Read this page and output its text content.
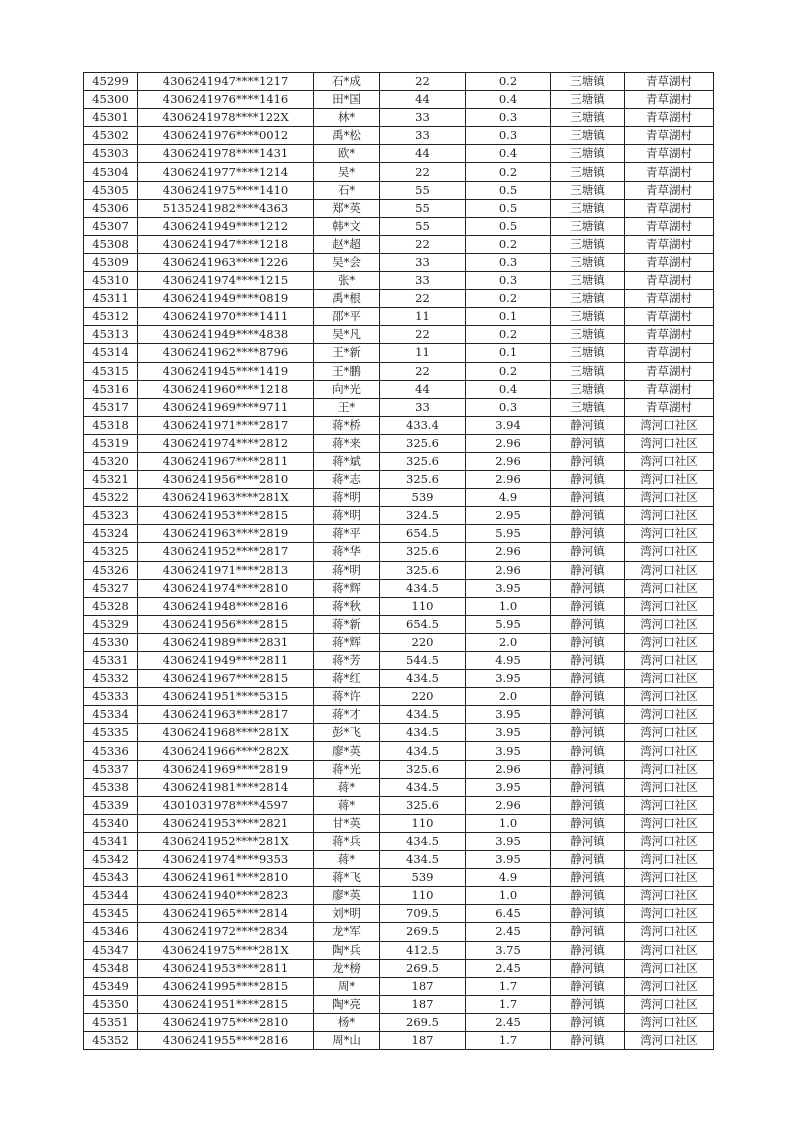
45299	4306241947****1217	石*成	22	0.2	三塘镇	青草湖村
45300	4306241976****1416	田*国	44	0.4	三塘镇	青草湖村
45301	4306241978****122X	林*	33	0.3	三塘镇	青草湖村
45302	4306241976****0012	禹*松	33	0.3	三塘镇	青草湖村
45303	4306241978****1431	欧*	44	0.4	三塘镇	青草湖村
45304	4306241977****1214	吴*	22	0.2	三塘镇	青草湖村
45305	4306241975****1410	石*	55	0.5	三塘镇	青草湖村
45306	5135241982****4363	郑*英	55	0.5	三塘镇	青草湖村
45307	4306241949****1212	韩*文	55	0.5	三塘镇	青草湖村
45308	4306241947****1218	赵*超	22	0.2	三塘镇	青草湖村
45309	4306241963****1226	吴*会	33	0.3	三塘镇	青草湖村
45310	4306241974****1215	张*	33	0.3	三塘镇	青草湖村
45311	4306241949****0819	禹*根	22	0.2	三塘镇	青草湖村
45312	4306241970****1411	邵*平	11	0.1	三塘镇	青草湖村
45313	4306241949****4838	吴*凡	22	0.2	三塘镇	青草湖村
45314	4306241962****8796	王*新	11	0.1	三塘镇	青草湖村
45315	4306241945****1419	王*鹏	22	0.2	三塘镇	青草湖村
45316	4306241960****1218	向*光	44	0.4	三塘镇	青草湖村
45317	4306241969****9711	王*	33	0.3	三塘镇	青草湖村
45318	4306241971****2817	蒋*桥	433.4	3.94	静河镇	湾河口社区
45319	4306241974****2812	蒋*来	325.6	2.96	静河镇	湾河口社区
45320	4306241967****2811	蒋*斌	325.6	2.96	静河镇	湾河口社区
45321	4306241956****2810	蒋*志	325.6	2.96	静河镇	湾河口社区
45322	4306241963****281X	蒋*明	539	4.9	静河镇	湾河口社区
45323	4306241953****2815	蒋*明	324.5	2.95	静河镇	湾河口社区
45324	4306241963****2819	蒋*平	654.5	5.95	静河镇	湾河口社区
45325	4306241952****2817	蒋*华	325.6	2.96	静河镇	湾河口社区
45326	4306241971****2813	蒋*明	325.6	2.96	静河镇	湾河口社区
45327	4306241974****2810	蒋*辉	434.5	3.95	静河镇	湾河口社区
45328	4306241948****2816	蒋*秋	110	1.0	静河镇	湾河口社区
45329	4306241956****2815	蒋*新	654.5	5.95	静河镇	湾河口社区
45330	4306241989****2831	蒋*辉	220	2.0	静河镇	湾河口社区
45331	4306241949****2811	蒋*芳	544.5	4.95	静河镇	湾河口社区
45332	4306241967****2815	蒋*红	434.5	3.95	静河镇	湾河口社区
45333	4306241951****5315	蒋*许	220	2.0	静河镇	湾河口社区
45334	4306241963****2817	蒋*才	434.5	3.95	静河镇	湾河口社区
45335	4306241968****281X	彭*飞	434.5	3.95	静河镇	湾河口社区
45336	4306241966****282X	廖*英	434.5	3.95	静河镇	湾河口社区
45337	4306241969****2819	蒋*光	325.6	2.96	静河镇	湾河口社区
45338	4306241981****2814	蒋*	434.5	3.95	静河镇	湾河口社区
45339	4301031978****4597	蒋*	325.6	2.96	静河镇	湾河口社区
45340	4306241953****2821	甘*英	110	1.0	静河镇	湾河口社区
45341	4306241952****281X	蒋*兵	434.5	3.95	静河镇	湾河口社区
45342	4306241974****9353	蒋*	434.5	3.95	静河镇	湾河口社区
45343	4306241961****2810	蒋*飞	539	4.9	静河镇	湾河口社区
45344	4306241940****2823	廖*英	110	1.0	静河镇	湾河口社区
45345	4306241965****2814	刘*明	709.5	6.45	静河镇	湾河口社区
45346	4306241972****2834	龙*军	269.5	2.45	静河镇	湾河口社区
45347	4306241975****281X	陶*兵	412.5	3.75	静河镇	湾河口社区
45348	4306241953****2811	龙*榜	269.5	2.45	静河镇	湾河口社区
45349	4306241995****2815	周*	187	1.7	静河镇	湾河口社区
45350	4306241951****2815	陶*亮	187	1.7	静河镇	湾河口社区
45351	4306241975****2810	杨*	269.5	2.45	静河镇	湾河口社区
45352	4306241955****2816	周*山	187	1.7	静河镇	湾河口社区
